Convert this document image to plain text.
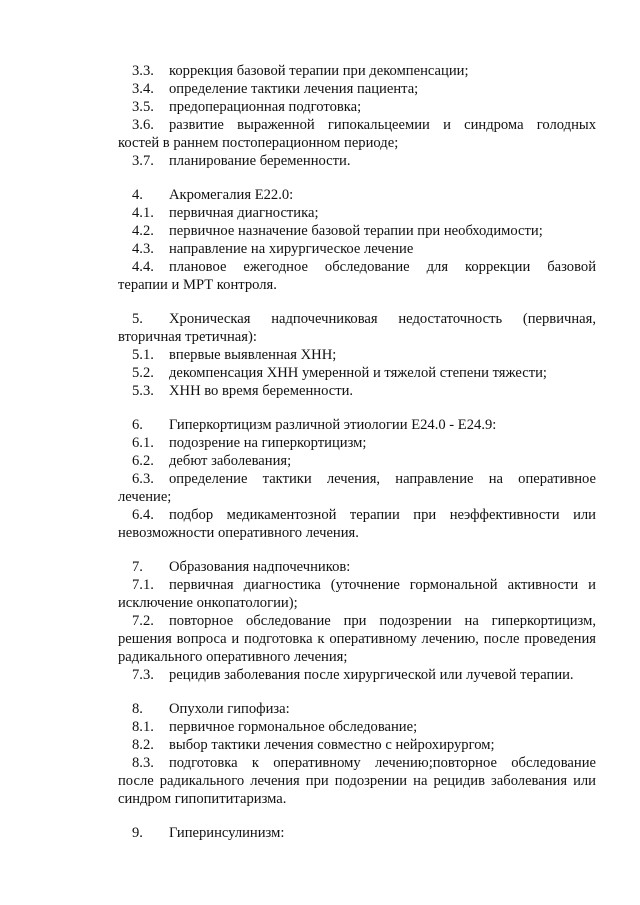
3.3. коррекция базовой терапии при декомпенсации;
3.4. определение тактики лечения пациента;
3.5. предоперационная подготовка;
3.6. развитие выраженной гипокальцеемии и синдрома голодных
костей в раннем постоперационном периоде;
3.7. планирование беременности.
4. Акромегалия Е22.0:
4.1. первичная диагностика;
4.2. первичное назначение базовой терапии при необходимости;
4.3. направление на хирургическое лечение
4.4. плановое ежегодное обследование для коррекции базовой
терапии и МРТ контроля.
5. Хроническая надпочечниковая недостаточность (первичная,
вторичная третичная):
5.1. впервые выявленная ХНН;
5.2. декомпенсация ХНН умеренной и тяжелой степени тяжести;
5.3. ХНН во время беременности.
6. Гиперкортицизм различной этиологии Е24.0 - Е24.9:
6.1. подозрение на гиперкортицизм;
6.2. дебют заболевания;
6.3. определение тактики лечения, направление на оперативное
лечение;
6.4. подбор медикаментозной терапии при неэффективности или
невозможности оперативного лечения.
7. Образования надпочечников:
7.1. первичная диагностика (уточнение гормональной активности и
исключение онкопатологии);
7.2. повторное обследование при подозрении на гиперкортицизм,
решения вопроса и подготовка к оперативному лечению, после проведения
радикального оперативного лечения;
7.3. рецидив заболевания после хирургической или лучевой терапии.
8. Опухоли гипофиза:
8.1. первичное гормональное обследование;
8.2. выбор тактики лечения совместно с нейрохирургом;
8.3. подготовка к оперативному лечению;повторное обследование
после радикального лечения при подозрении на рецидив заболевания или
синдром гипопититаризма.
9. Гиперинсулинизм:
